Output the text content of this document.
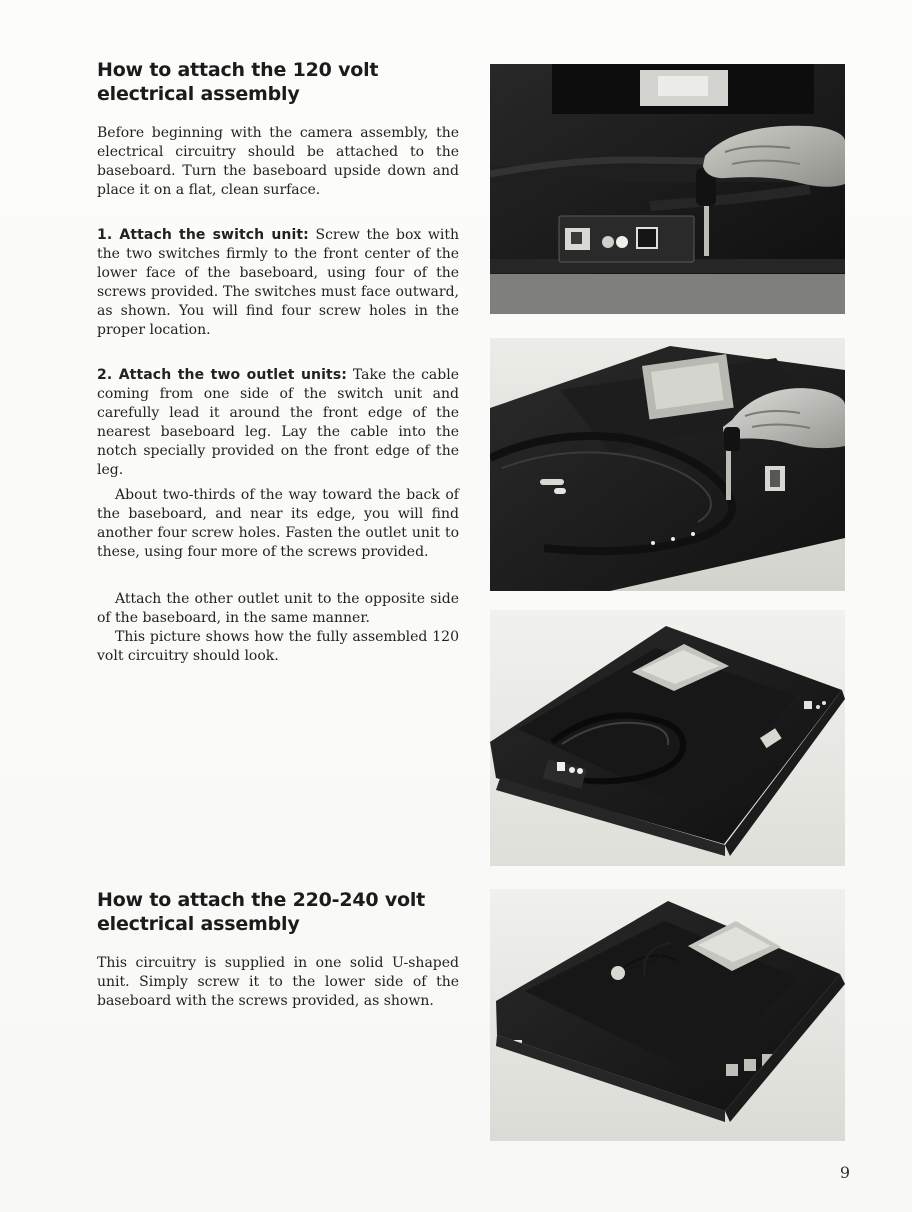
How to attach the 120 volt electrical assembly

Before beginning with the camera assembly, the electrical circuitry should be attached to the baseboard. Turn the baseboard upside down and place it on a flat, clean surface.

1. Attach the switch unit: Screw the box with the two switches firmly to the front center of the lower face of the baseboard, using four of the screws provided. The switches must face outward, as shown. You will find four screw holes in the proper location.

2. Attach the two outlet units: Take the cable coming from one side of the switch unit and carefully lead it around the front edge of the nearest baseboard leg. Lay the cable into the notch specially provided on the front edge of the leg.

About two-thirds of the way toward the back of the baseboard, and near its edge, you will find another four screw holes. Fasten the outlet unit to these, using four more of the screws provided.

Attach the other outlet unit to the opposite side of the baseboard, in the same manner.

This picture shows how the fully assembled 120 volt circuitry should look.

How to attach the 220-240 volt electrical assembly

This circuitry is supplied in one solid U-shaped unit. Simply screw it to the lower side of the baseboard with the screws provided, as shown.

9
